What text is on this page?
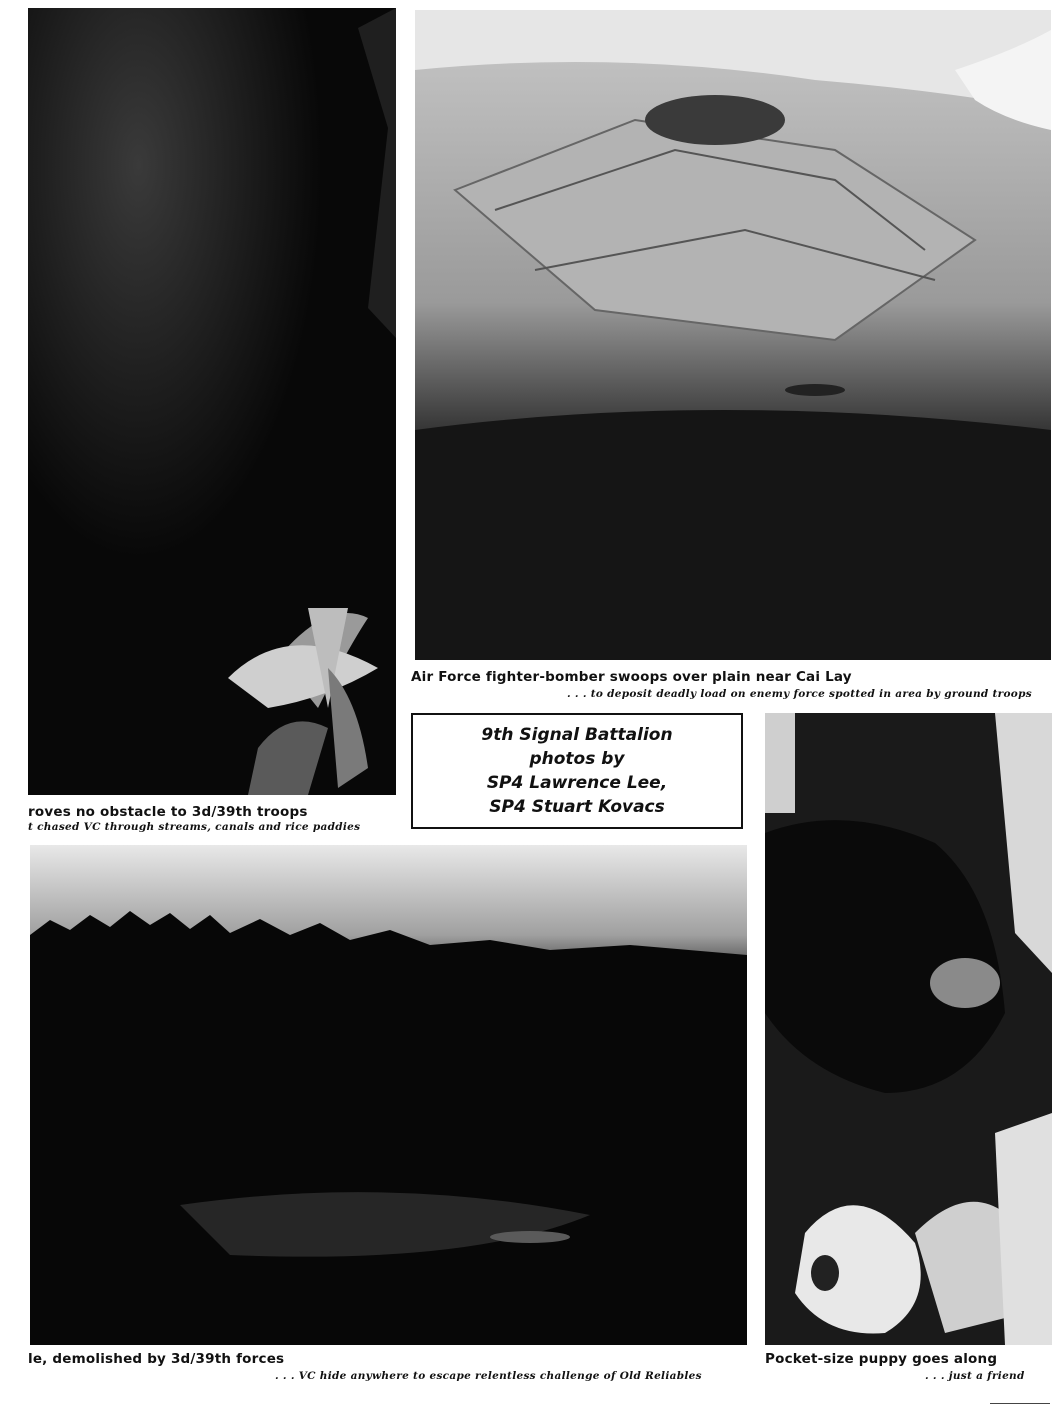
roves no obstacle to 3d/39th troops
t chased VC through streams, canals and rice paddies
Air Force fighter-bomber swoops over plain near Cai Lay
. . . to deposit deadly load on enemy force spotted in area by ground troops
9th Signal Battalion
photos by
SP4 Lawrence Lee,
SP4 Stuart Kovacs
le, demolished by 3d/39th forces
. . . VC hide anywhere to escape relentless challenge of Old Reliables
Pocket-size puppy goes along
. . . just a friend
